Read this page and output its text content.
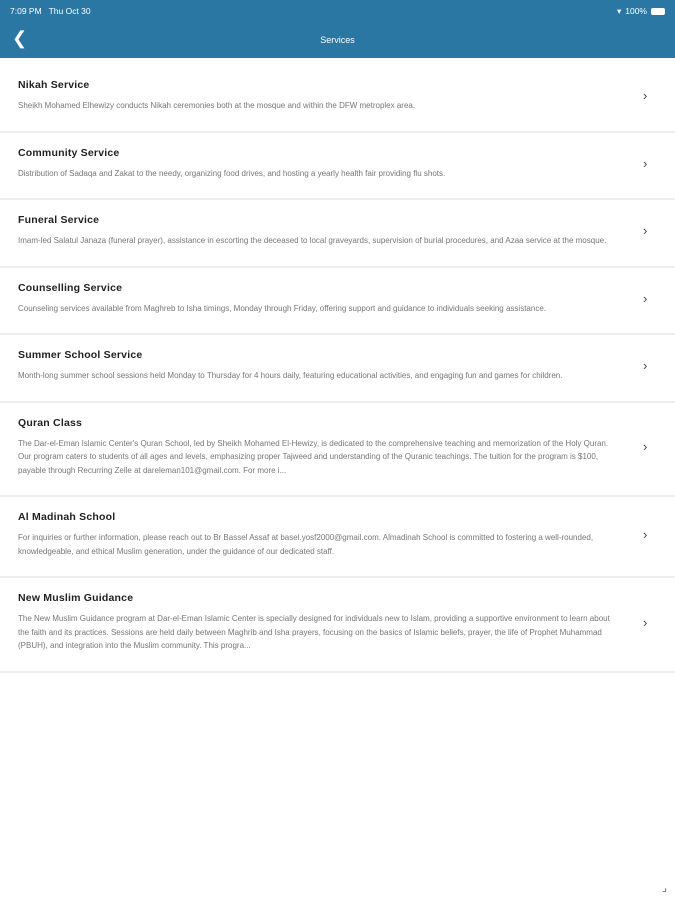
7:09 PM Thu Oct 30	▾ 100%
❮	Services
Nikah Service
Sheikh Mohamed Elhewizy conducts Nikah ceremonies both at the mosque and within the DFW metroplex area.
›
Community Service
Distribution of Sadaqa and Zakat to the needy, organizing food drives, and hosting a yearly health fair providing flu shots.
›
Funeral Service
Imam-led Salatul Janaza (funeral prayer), assistance in escorting the deceased to local graveyards, supervision of burial procedures, and Azaa service at the mosque.
›
Counselling Service
Counseling services available from Maghreb to Isha timings, Monday through Friday, offering support and guidance to individuals seeking assistance.
›
Summer School Service
Month-long summer school sessions held Monday to Thursday for 4 hours daily, featuring educational activities, and engaging fun and games for children.
›
Quran Class
The Dar-el-Eman Islamic Center's Quran School, led by Sheikh Mohamed El-Hewizy, is dedicated to the comprehensive teaching and memorization of the Holy Quran. Our program caters to students of all ages and levels, emphasizing proper Tajweed and understanding of the Quranic teachings. The tuition for the program is $100, payable through Recurring Zelle at dareleman101@gmail.com. For more i...
›
Al Madinah School
For inquiries or further information, please reach out to Br Bassel Assaf at basel.yosf2000@gmail.com. Almadinah School is committed to fostering a well-rounded, knowledgeable, and ethical Muslim generation, under the guidance of our dedicated staff.
›
New Muslim Guidance
The New Muslim Guidance program at Dar-el-Eman Islamic Center is specially designed for individuals new to Islam, providing a supportive environment to learn about the faith and its practices. Sessions are held daily between Maghrib and Isha prayers, focusing on the basics of Islamic beliefs, prayer, the life of Prophet Muhammad (PBUH), and integration into the Muslim community. This progra...
›
⌟
